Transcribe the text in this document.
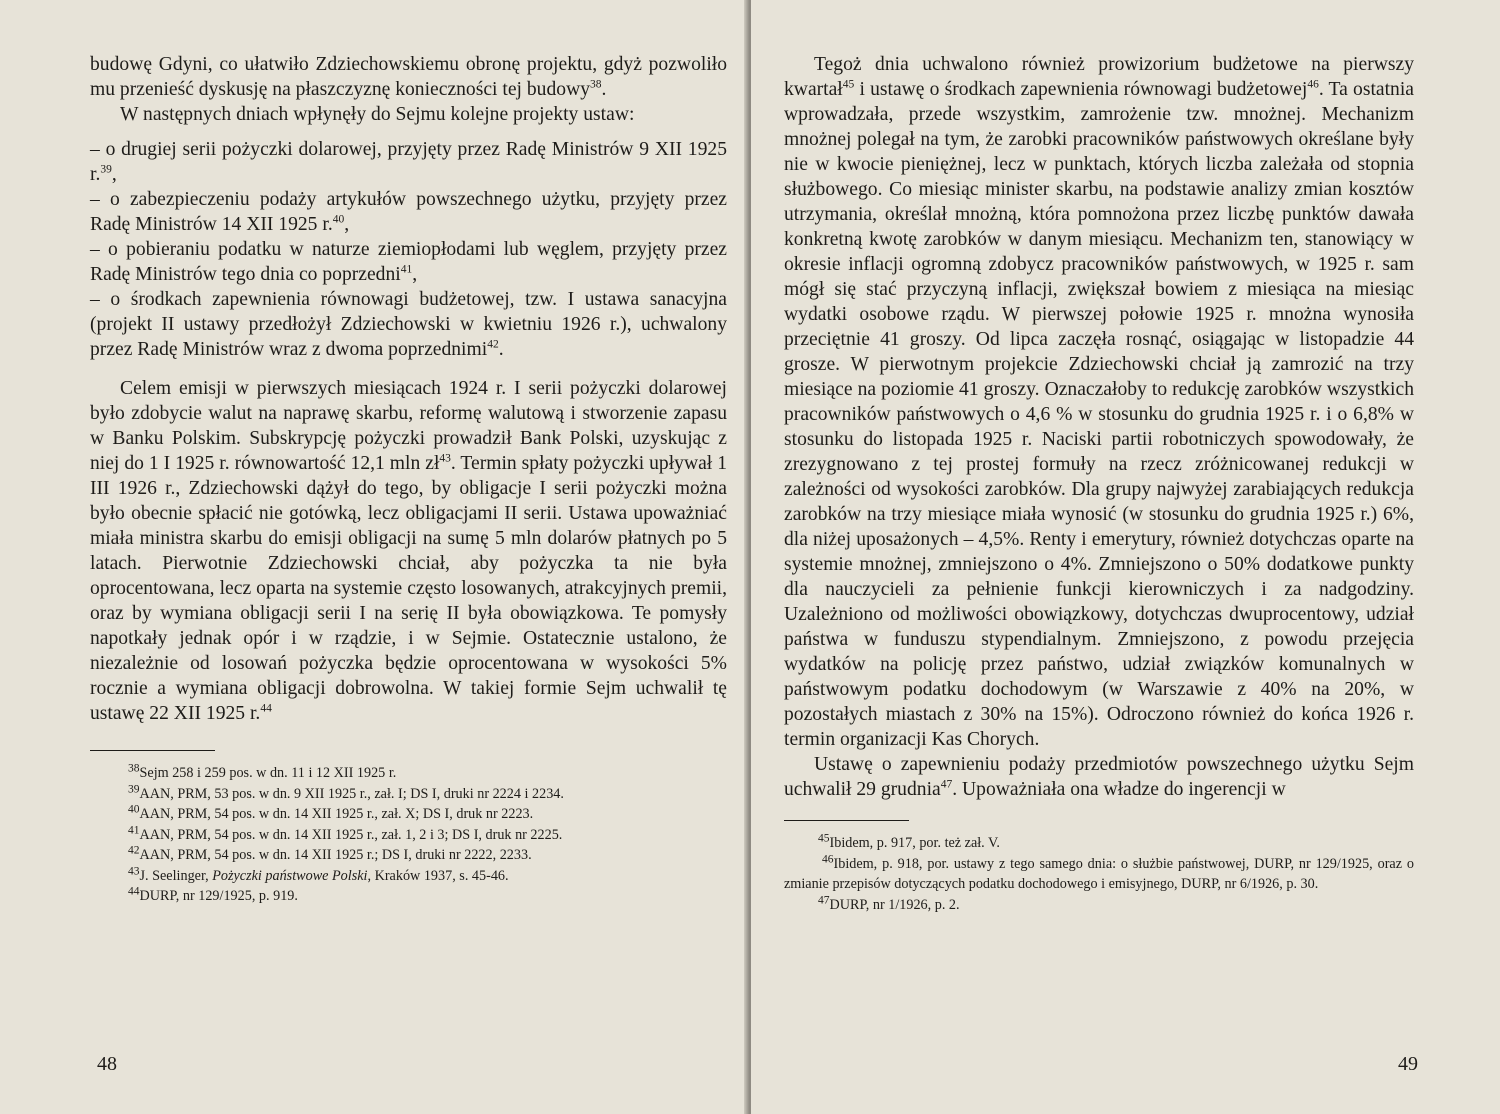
budowę Gdyni, co ułatwiło Zdziechowskiemu obronę projektu, gdyż pozwoliło mu przenieść dyskusję na płaszczyznę konieczności tej budowy$^{38}$.

W następnych dniach wpłynęły do Sejmu kolejne projekty ustaw:

– o drugiej serii pożyczki dolarowej, przyjęty przez Radę Ministrów 9 XII 1925 r.$^{39}$,

– o zabezpieczeniu podaży artykułów powszechnego użytku, przyjęty przez Radę Ministrów 14 XII 1925 r.$^{40}$,

– o pobieraniu podatku w naturze ziemiopłodami lub węglem, przyjęty przez Radę Ministrów tego dnia co poprzedni$^{41}$,

– o środkach zapewnienia równowagi budżetowej, tzw. I ustawa sanacyjna (projekt II ustawy przedłożył Zdziechowski w kwietniu 1926 r.), uchwalony przez Radę Ministrów wraz z dwoma poprzednimi$^{42}$.

Celem emisji w pierwszych miesiącach 1924 r. I serii pożyczki dolarowej było zdobycie walut na naprawę skarbu, reformę walutową i stworzenie zapasu w Banku Polskim. Subskrypcję pożyczki prowadził Bank Polski, uzyskując z niej do 1 I 1925 r. równowartość 12,1 mln $zł^{43}$. Termin spłaty pożyczki upływał 1 III 1926 r., Zdziechowski dążył do tego, by obligacje I serii pożyczki można było obecnie spłacić nie gotówką, lecz obligacjami II serii. Ustawa upoważniać miała ministra skarbu do emisji obligacji na sumę 5 mln dolarów płatnych po 5 latach. Pierwotnie Zdziechowski chciał, aby pożyczka ta nie była oprocentowana, lecz oparta na systemie często losowanych, atrakcyjnych premii, oraz by wymiana obligacji serii I na serię II była obowiązkowa. Te pomysły napotkały jednak opór i w rządzie, i w Sejmie. Ostatecznie ustalono, że niezależnie od losowań pożyczka będzie oprocentowana w wysokości 5% rocznie a wymiana obligacji dobrowolna. W takiej formie Sejm uchwalił tę ustawę 22 XII 1925 r.$^{44}$

$^{38}$Sejm 258 i 259 pos. w dn. 11 i 12 XII 1925 r.

$^{39}$AAN, PRM, 53 pos. w dn. 9 XII 1925 r., zał. I; DS I, druki nr 2224 i 2234.

$^{40}$AAN, PRM, 54 pos. w dn. 14 XII 1925 r., zał. X; DS I, druk nr 2223.

$^{41}$AAN, PRM, 54 pos. w dn. 14 XII 1925 r., zał. 1, 2 i 3; DS I, druk nr 2225.

$^{42}$AAN, PRM, 54 pos. w dn. 14 XII 1925 r.; DS I, druki nr 2222, 2233.

$^{43}$J. Seelinger, Pożyczki państwowe Polski, Kraków 1937, s. 45-46.

$^{44}$DURP, nr 129/1925, p. 919.

48

Tegoż dnia uchwalono również prowizorium budżetowe na pierwszy kwartał$^{45}$ i ustawę o środkach zapewnienia równowagi budżetowej$^{46}$. Ta ostatnia wprowadzała, przede wszystkim, zamrożenie tzw. mnożnej. Mechanizm mnożnej polegał na tym, że zarobki pracowników państwowych określane były nie w kwocie pieniężnej, lecz w punktach, których liczba zależała od stopnia służbowego. Co miesiąc minister skarbu, na podstawie analizy zmian kosztów utrzymania, określał mnożną, która pomnożona przez liczbę punktów dawała konkretną kwotę zarobków w danym miesiącu. Mechanizm ten, stanowiący w okresie inflacji ogromną zdobycz pracowników państwowych, w 1925 r. sam mógł się stać przyczyną inflacji, zwiększał bowiem z miesiąca na miesiąc wydatki osobowe rządu. W pierwszej połowie 1925 r. mnożna wynosiła przeciętnie 41 groszy. Od lipca zaczęła rosnąć, osiągając w listopadzie 44 grosze. W pierwotnym projekcie Zdziechowski chciał ją zamrozić na trzy miesiące na poziomie 41 groszy. Oznaczałoby to redukcję zarobków wszystkich pracowników państwowych o 4,6 % w stosunku do grudnia 1925 r. i o 6,8% w stosunku do listopada 1925 r. Naciski partii robotniczych spowodowały, że zrezygnowano z tej prostej formuły na rzecz zróżnicowanej redukcji w zależności od wysokości zarobków. Dla grupy najwyżej zarabiających redukcja zarobków na trzy miesiące miała wynosić (w stosunku do grudnia 1925 r.) 6%, dla niżej uposażonych – 4,5%. Renty i emerytury, również dotychczas oparte na systemie mnożnej, zmniejszono o 4%. Zmniejszono o 50% dodatkowe punkty dla nauczycieli za pełnienie funkcji kierowniczych i za nadgodziny. Uzależniono od możliwości obowiązkowy, dotychczas dwuprocentowy, udział państwa w funduszu stypendialnym. Zmniejszono, z powodu przejęcia wydatków na policję przez państwo, udział związków komunalnych w państwowym podatku dochodowym (w Warszawie z 40% na 20%, w pozostałych miastach z 30% na 15%). Odroczono również do końca 1926 r. termin organizacji Kas Chorych.

Ustawę o zapewnieniu podaży przedmiotów powszechnego użytku Sejm uchwalił 29 grudnia$^{47}$. Upoważniała ona władze do ingerencji w

$^{45}$Ibidem, p. 917, por. też zał. V.

$^{46}$Ibidem, p. 918, por. ustawy z tego samego dnia: o służbie państwowej, DURP, nr 129/1925, oraz o zmianie przepisów dotyczących podatku dochodowego i emisyjnego, DURP, nr 6/1926, p. 30.

$^{47}$DURP, nr 1/1926, p. 2.

49
